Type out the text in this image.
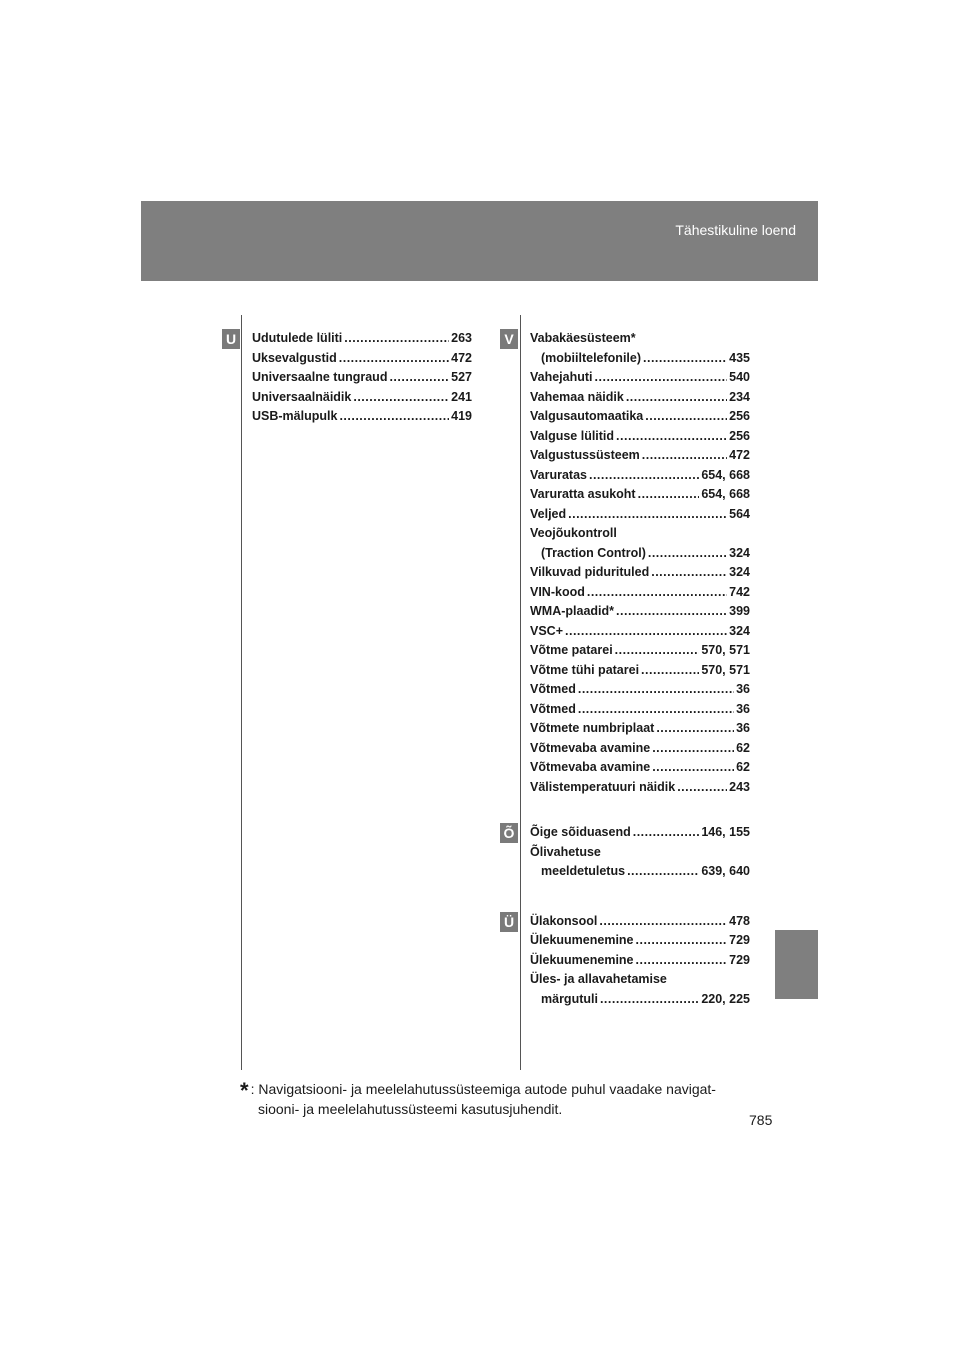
Tähestikuline loend
U	Udutulede lüliti .....	263
Uksevalgustid .....	472
Universaalne tungraud .....	527
Universaalnäidik .....	241
USB-mälupulk .....	419
V	Vabakäesüsteem*
(mobiiltelefonile) .....	435
Vahejahuti .....	540
Vahemaa näidik .....	234
Valgusautomaatika .....	256
Valguse lülitid .....	256
Valgustussüsteem .....	472
Varuratas .....	654, 668
Varuratta asukoht .....	654, 668
Veljed .....	564
Veojõukontroll
(Traction Control) .....	324
Vilkuvad piduritulеd .....	324
VIN-kood .....	742
WMA-plaadid* .....	399
VSC+ .....	324
Võtme patarei .....	570, 571
Võtme tühi patarei .....	570, 571
Võtmed .....	36
Võtmed .....	36
Võtmete numbriplaat .....	36
Võtmevaba avamine .....	62
Võtmevaba avamine .....	62
Välistemperatuuri näidik .....	243
Õ Õige sõiduasend .....	146, 155
Õlivahetuse
meeldetuletus .....	639, 640
Ü	Ülakonsool .....	478
Ülekuumenemine .....	729
Ülekuumenemine .....	729
Üles- ja allavahetamise
märgutuli .....	220, 225
* : Navigatsiooni- ja meelelahutussüsteemiga autode puhul vaadake navigat-
siooni- ja meelelahutussüsteemi kasutusjuhendit.
785
